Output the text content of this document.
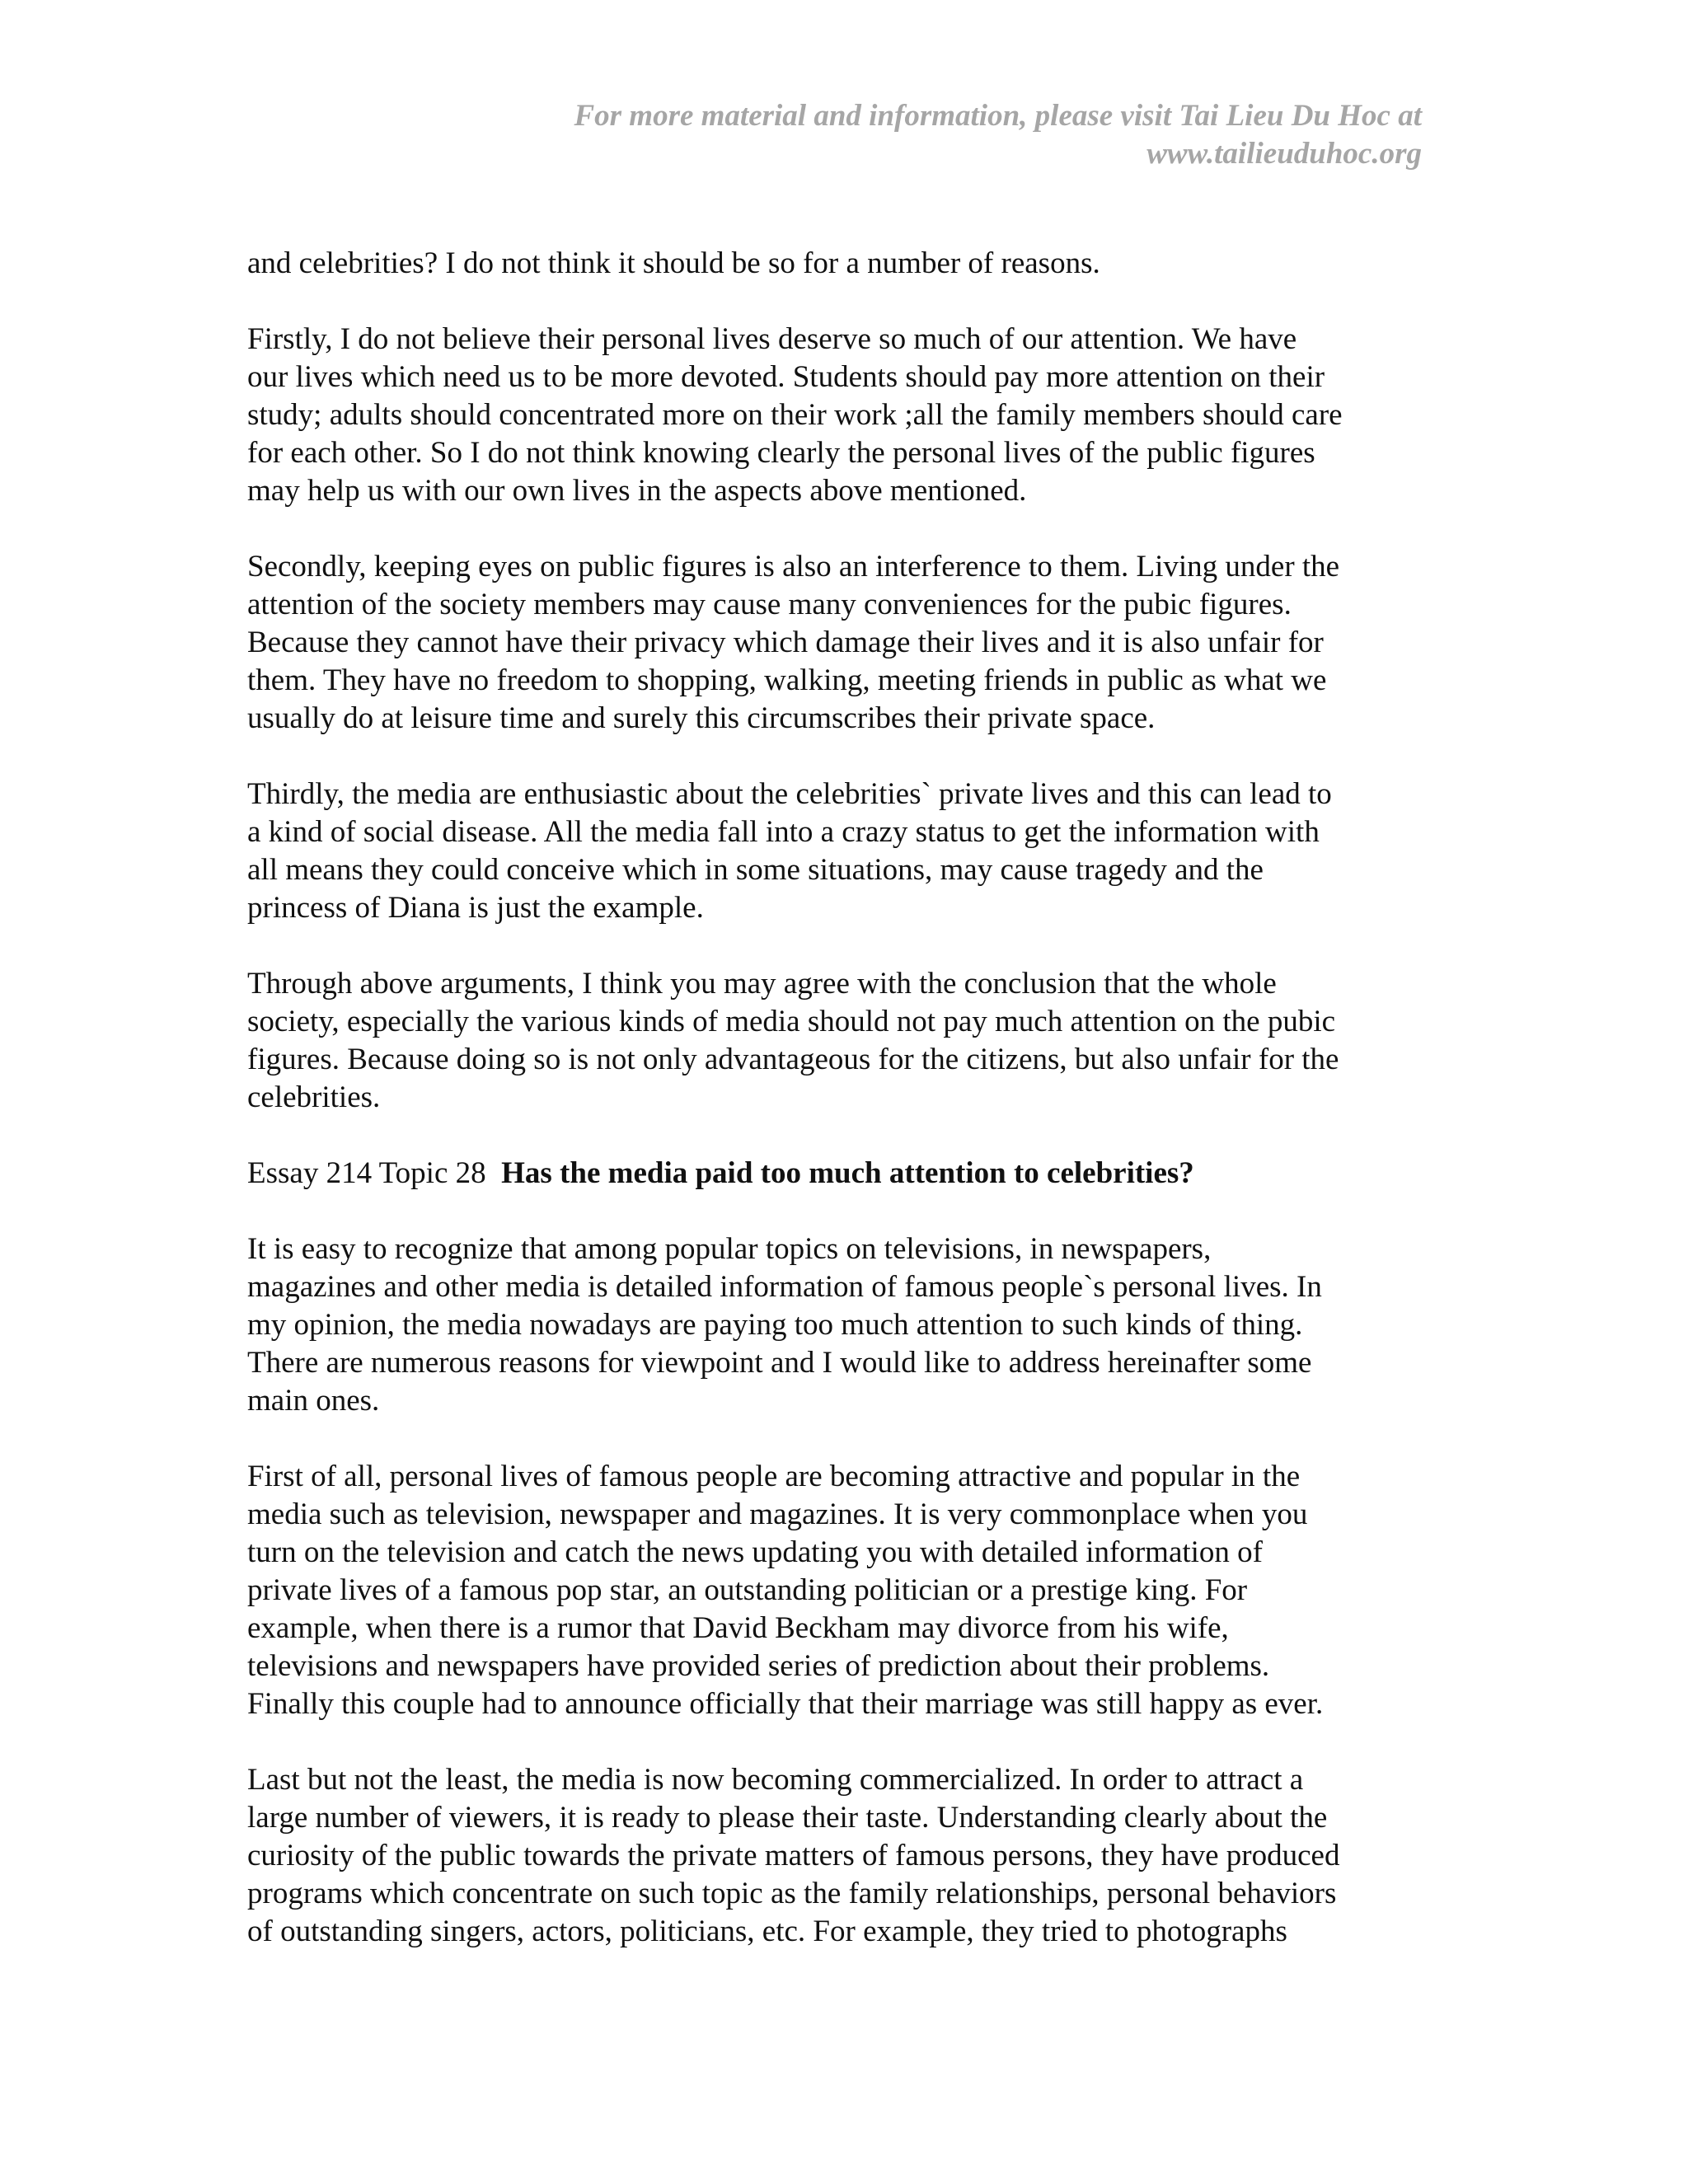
For more material and information, please visit Tai Lieu Du Hoc at
www.tailieuduhoc.org
and celebrities? I do not think it should be so for a number of reasons.
Firstly, I do not believe their personal lives deserve so much of our attention. We have
our lives which need us to be more devoted. Students should pay more attention on their
study; adults should concentrated more on their work ;all the family members should care
for each other. So I do not think knowing clearly the personal lives of the public figures
may help us with our own lives in the aspects above mentioned.
Secondly, keeping eyes on public figures is also an interference to them. Living under the
attention of the society members may cause many conveniences for the pubic figures.
Because they cannot have their privacy which damage their lives and it is also unfair for
them. They have no freedom to shopping, walking, meeting friends in public as what we
usually do at leisure time and surely this circumscribes their private space.
Thirdly, the media are enthusiastic about the celebrities` private lives and this can lead to
a kind of social disease. All the media fall into a crazy status to get the information with
all means they could conceive which in some situations, may cause tragedy and the
princess of Diana is just the example.
Through above arguments, I think you may agree with the conclusion that the whole
society, especially the various kinds of media should not pay much attention on the pubic
figures. Because doing so is not only advantageous for the citizens, but also unfair for the
celebrities.
Essay 214 Topic 28  Has the media paid too much attention to celebrities?
It is easy to recognize that among popular topics on televisions, in newspapers,
magazines and other media is detailed information of famous people`s personal lives. In
my opinion, the media nowadays are paying too much attention to such kinds of thing.
There are numerous reasons for viewpoint and I would like to address hereinafter some
main ones.
First of all, personal lives of famous people are becoming attractive and popular in the
media such as television, newspaper and magazines. It is very commonplace when you
turn on the television and catch the news updating you with detailed information of
private lives of a famous pop star, an outstanding politician or a prestige king. For
example, when there is a rumor that David Beckham may divorce from his wife,
televisions and newspapers have provided series of prediction about their problems.
Finally this couple had to announce officially that their marriage was still happy as ever.
Last but not the least, the media is now becoming commercialized. In order to attract a
large number of viewers, it is ready to please their taste. Understanding clearly about the
curiosity of the public towards the private matters of famous persons, they have produced
programs which concentrate on such topic as the family relationships, personal behaviors
of outstanding singers, actors, politicians, etc. For example, they tried to photographs
